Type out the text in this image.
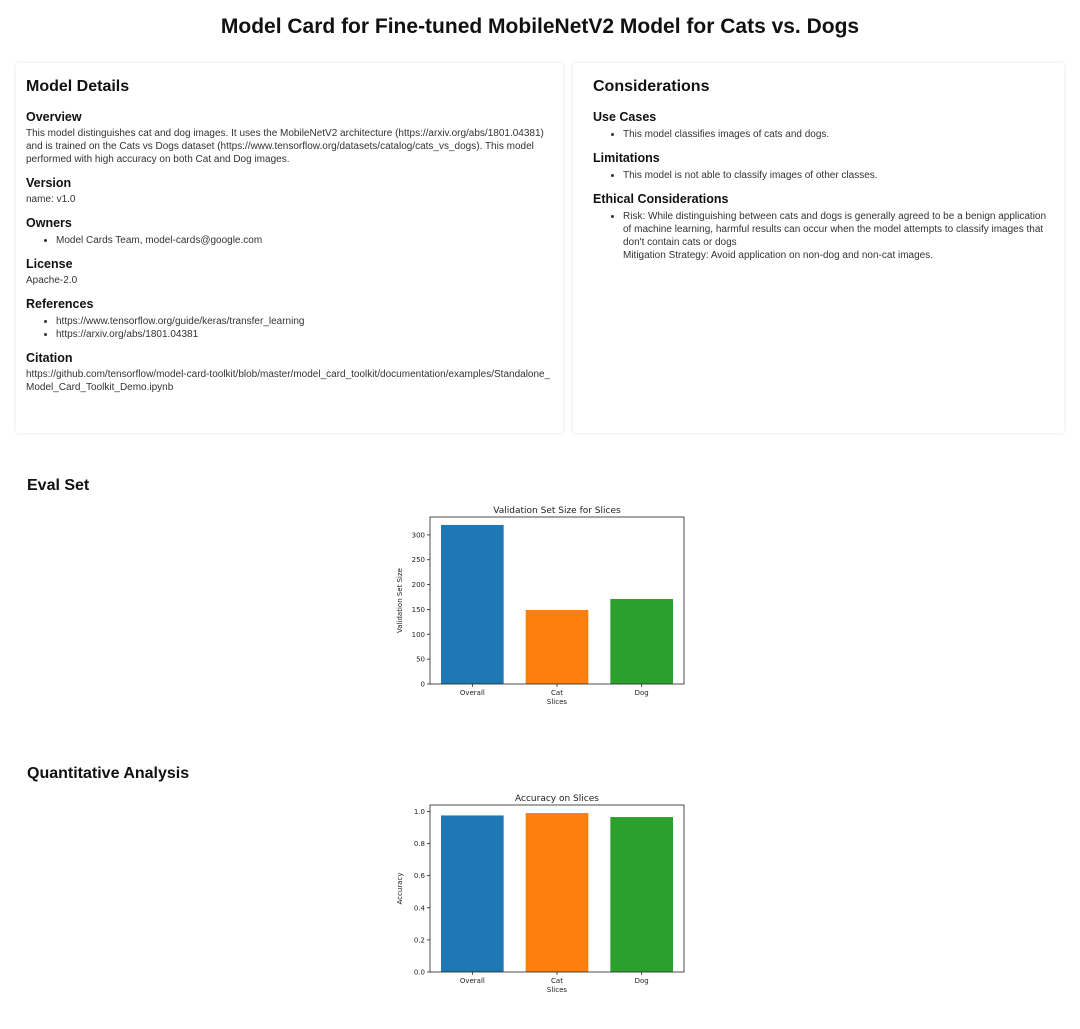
Model Card for Fine-tuned MobileNetV2 Model for Cats vs. Dogs
Model Details
Overview

This model distinguishes cat and dog images. It uses the MobileNetV2 architecture (https://arxiv.org/abs/1801.04381) and is trained on the Cats vs Dogs dataset (https://www.tensorflow.org/datasets/catalog/cats_vs_dogs). This model performed with high accuracy on both Cat and Dog images.

Version

name: v1.0

Owners
• Model Cards Team, model-cards@google.com
License

Apache-2.0

References
• https://www.tensorflow.org/guide/keras/transfer_learning
• https://arxiv.org/abs/1801.04381
Citation

https://github.com/tensorflow/model-card-toolkit/blob/master/model_card_toolkit/documentation/examples/Standalone_Model_Card_Toolkit_Demo.ipynb

Considerations
Use Cases
• This model classifies images of cats and dogs.
Limitations
• This model is not able to classify images of other classes.
Ethical Considerations
• Risk: While distinguishing between cats and dogs is generally agreed to be a benign application of machine learning, harmful results can occur when the model attempts to classify images that don't contain cats or dogs
Mitigation Strategy: Avoid application on non-dog and non-cat images.
Eval Set
Validation Set Size for Slices
Overall	Cat	Dog
0
50
100
150
200
250
300
Slices
Validation Set Size
Quantitative Analysis
Accuracy on Slices
Overall	Cat	Dog
0.0
0.2
0.4
0.6
0.8
1.0
Slices
Accuracy
